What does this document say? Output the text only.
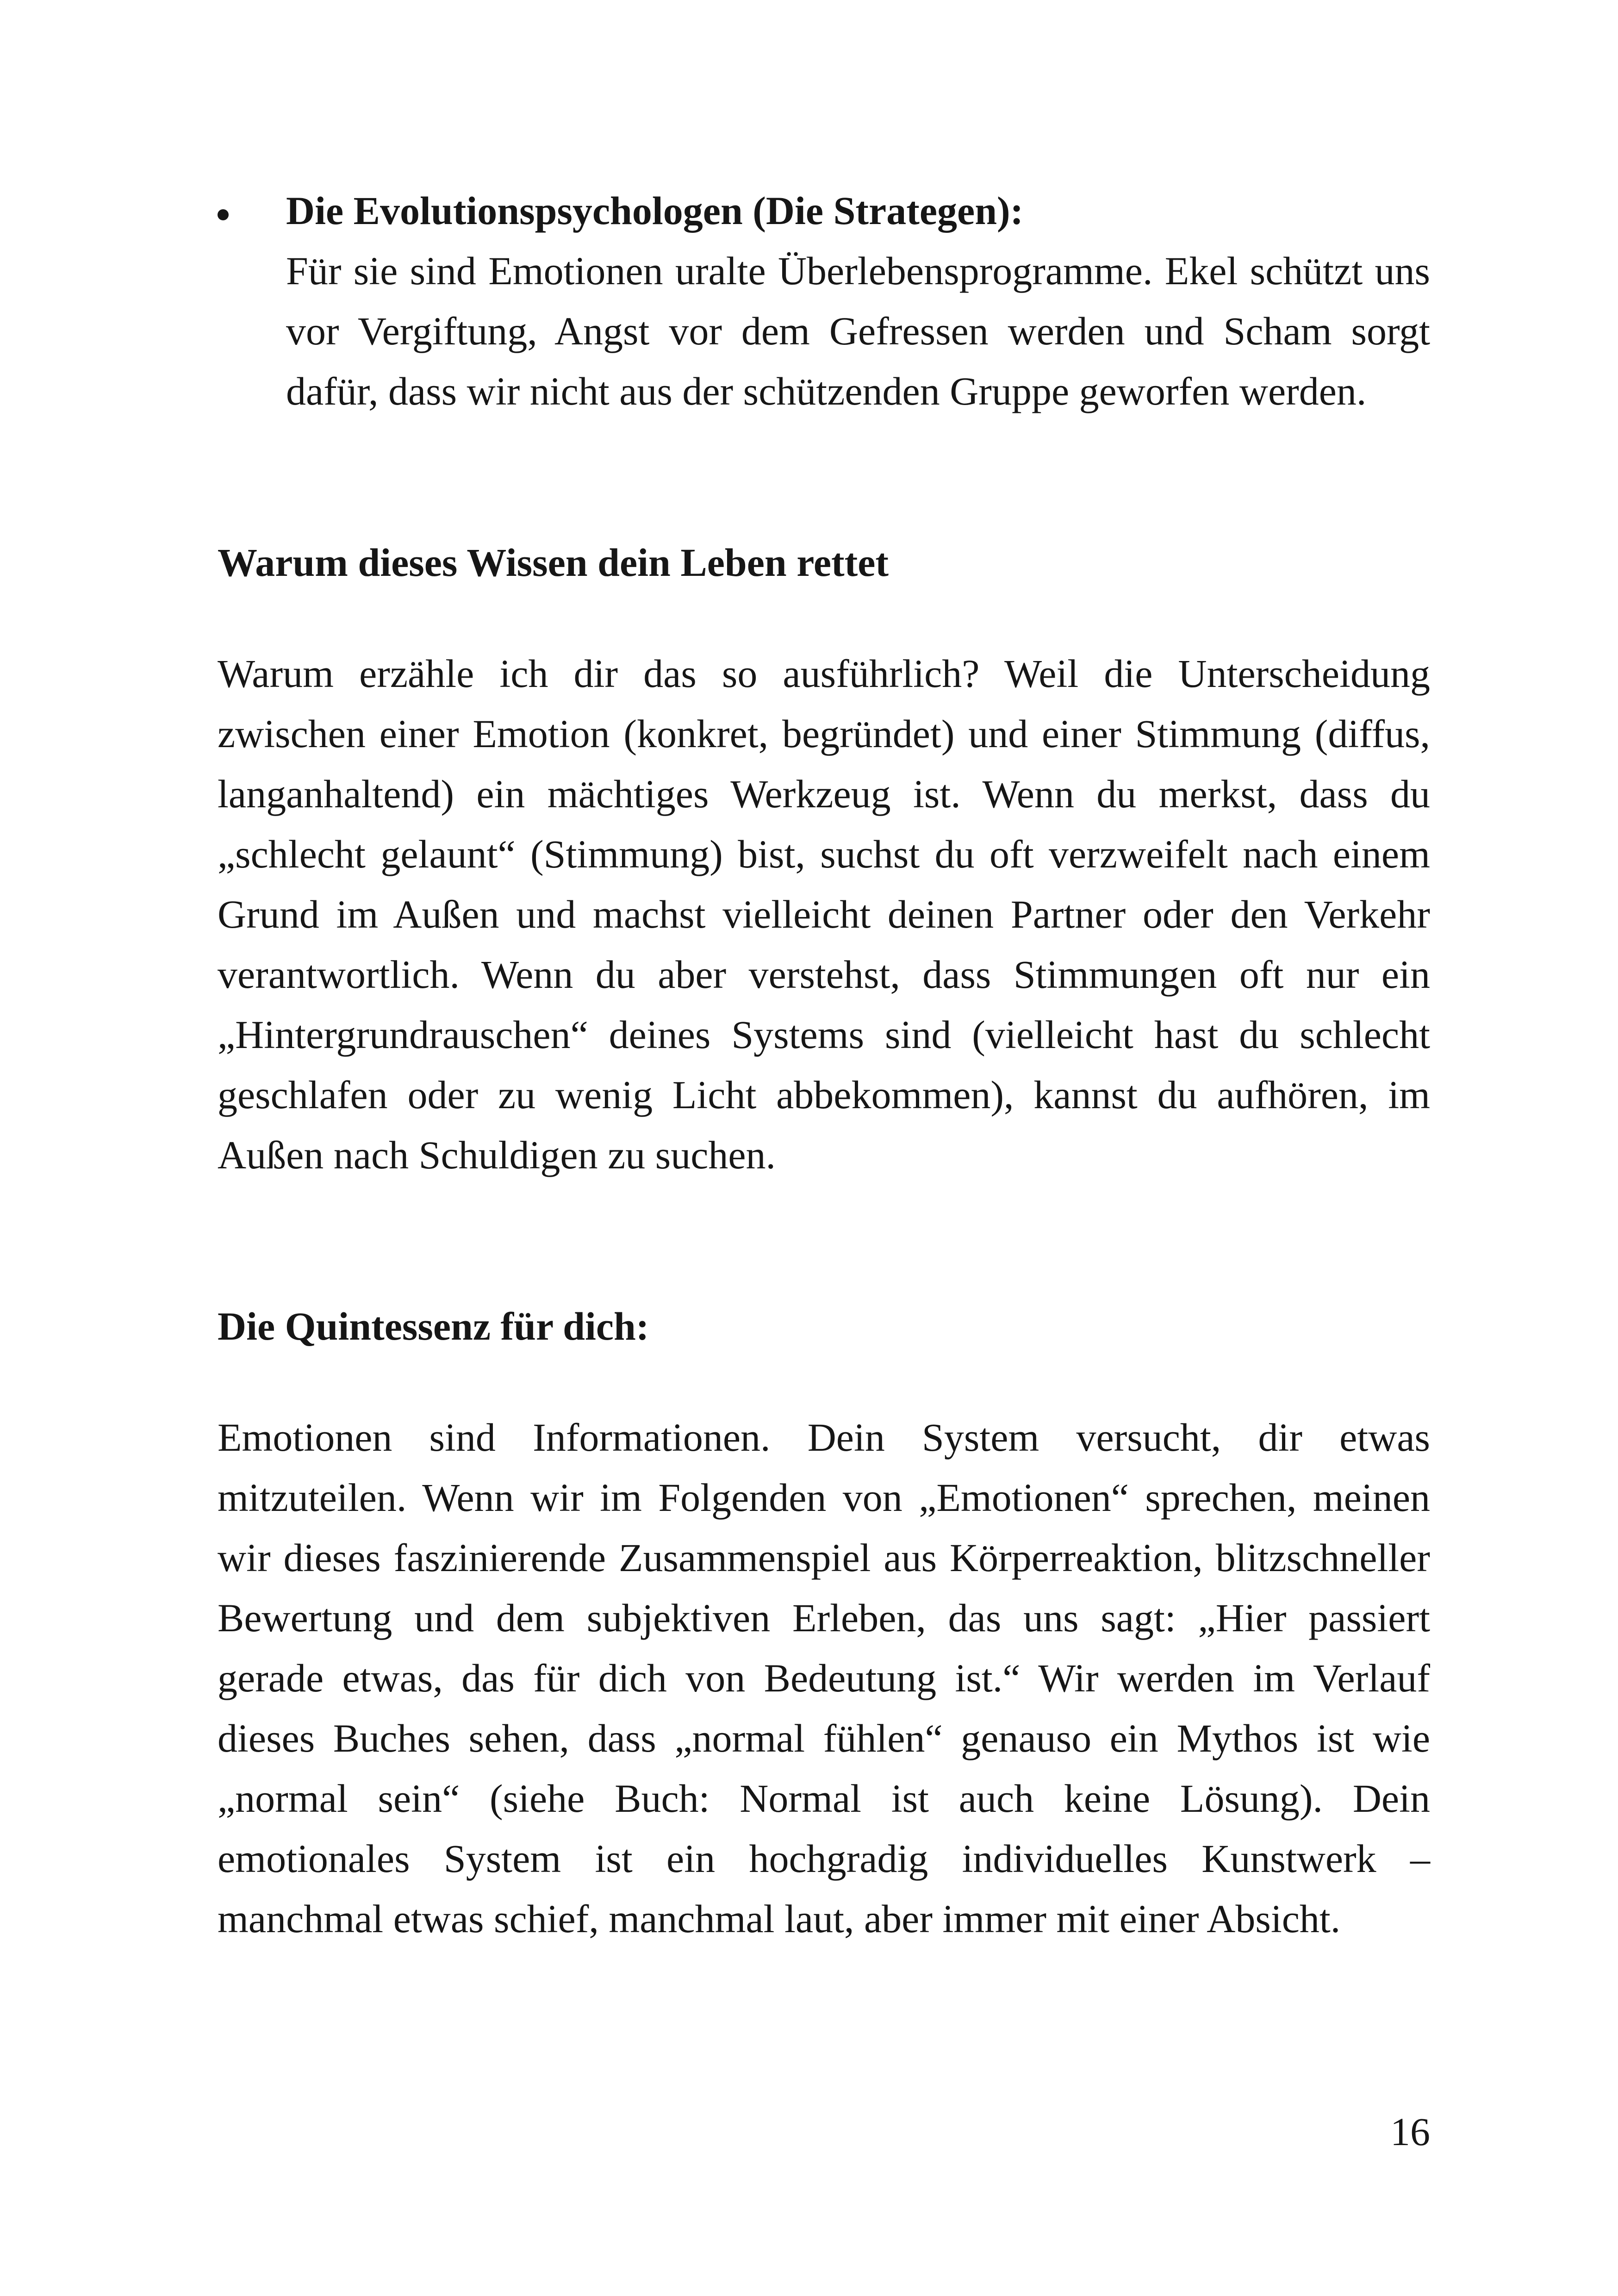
Die Evolutionspsychologen (Die Strategen):
Für sie sind Emotionen uralte Überlebensprogramme. Ekel schützt uns vor Vergiftung, Angst vor dem Gefressen werden und Scham sorgt dafür, dass wir nicht aus der schützenden Gruppe geworfen werden.
Warum dieses Wissen dein Leben rettet

Warum erzähle ich dir das so ausführlich? Weil die Unterscheidung zwischen einer Emotion (konkret, begründet) und einer Stimmung (diffus, langanhaltend) ein mächtiges Werkzeug ist. Wenn du merkst, dass du „schlecht gelaunt“ (Stimmung) bist, suchst du oft verzweifelt nach einem Grund im Außen und machst vielleicht deinen Partner oder den Verkehr verantwortlich. Wenn du aber verstehst, dass Stimmungen oft nur ein „Hintergrundrauschen“ deines Systems sind (vielleicht hast du schlecht geschlafen oder zu wenig Licht abbekommen), kannst du aufhören, im Außen nach Schuldigen zu suchen.

Die Quintessenz für dich:

Emotionen sind Informationen. Dein System versucht, dir etwas mitzuteilen. Wenn wir im Folgenden von „Emotionen“ sprechen, meinen wir dieses faszinierende Zusammenspiel aus Körperreaktion, blitzschneller Bewertung und dem subjektiven Erleben, das uns sagt: „Hier passiert gerade etwas, das für dich von Bedeutung ist.“ Wir werden im Verlauf dieses Buches sehen, dass „normal fühlen“ genauso ein Mythos ist wie „normal sein“ (siehe Buch: Normal ist auch keine Lösung). Dein emotionales System ist ein hochgradig individuelles Kunstwerk – manchmal etwas schief, manchmal laut, aber immer mit einer Absicht.

16
